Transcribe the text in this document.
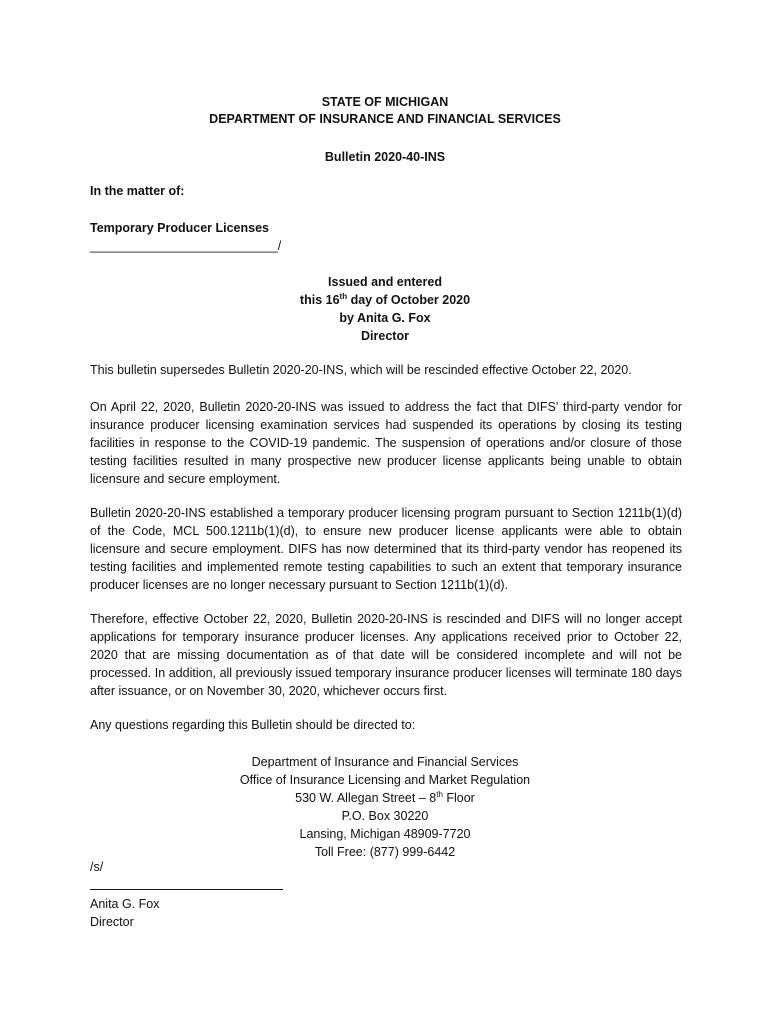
STATE OF MICHIGAN
DEPARTMENT OF INSURANCE AND FINANCIAL SERVICES
Bulletin 2020-40-INS
In the matter of:
Temporary Producer Licenses
___________________________/
Issued and entered
this 16th day of October 2020
by Anita G. Fox
Director
This bulletin supersedes Bulletin 2020-20-INS, which will be rescinded effective October 22, 2020.
On April 22, 2020, Bulletin 2020-20-INS was issued to address the fact that DIFS’ third-party vendor for insurance producer licensing examination services had suspended its operations by closing its testing facilities in response to the COVID-19 pandemic. The suspension of operations and/or closure of those testing facilities resulted in many prospective new producer license applicants being unable to obtain licensure and secure employment.
Bulletin 2020-20-INS established a temporary producer licensing program pursuant to Section 1211b(1)(d) of the Code, MCL 500.1211b(1)(d), to ensure new producer license applicants were able to obtain licensure and secure employment. DIFS has now determined that its third-party vendor has reopened its testing facilities and implemented remote testing capabilities to such an extent that temporary insurance producer licenses are no longer necessary pursuant to Section 1211b(1)(d).
Therefore, effective October 22, 2020, Bulletin 2020-20-INS is rescinded and DIFS will no longer accept applications for temporary insurance producer licenses. Any applications received prior to October 22, 2020 that are missing documentation as of that date will be considered incomplete and will not be processed. In addition, all previously issued temporary insurance producer licenses will terminate 180 days after issuance, or on November 30, 2020, whichever occurs first.
Any questions regarding this Bulletin should be directed to:
Department of Insurance and Financial Services
Office of Insurance Licensing and Market Regulation
530 W. Allegan Street – 8th Floor
P.O. Box 30220
Lansing, Michigan 48909-7720
Toll Free: (877) 999-6442
/s/
Anita G. Fox
Director
